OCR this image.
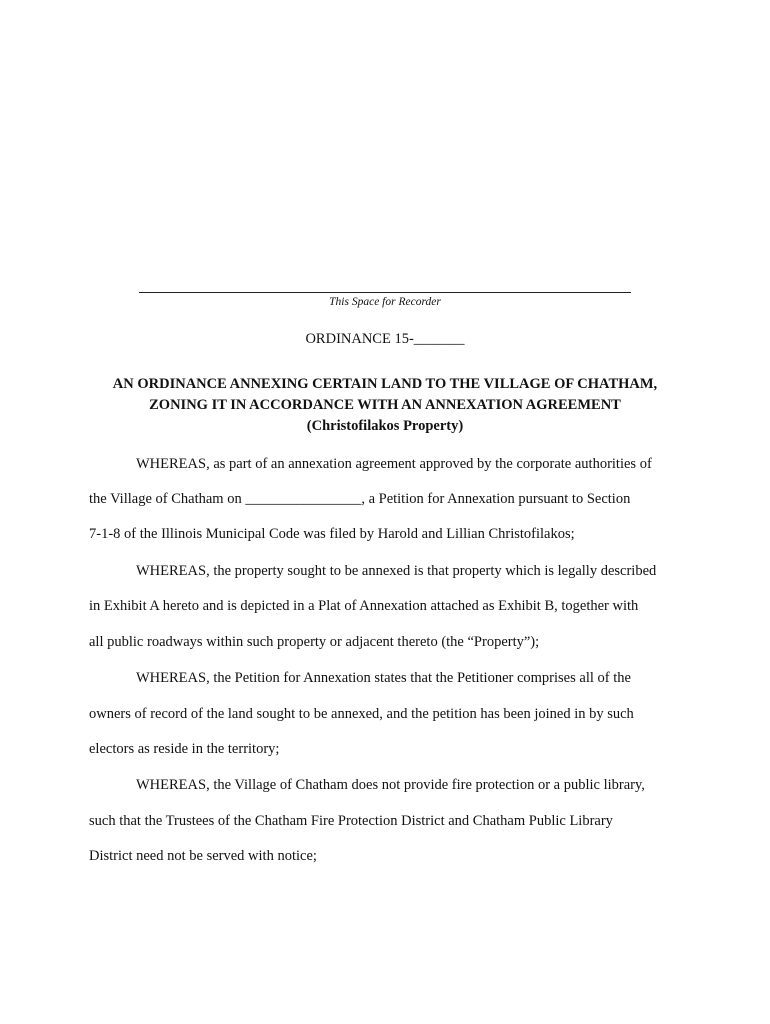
This Space for Recorder
ORDINANCE 15-_______
AN ORDINANCE ANNEXING CERTAIN LAND TO THE VILLAGE OF CHATHAM,
ZONING IT IN ACCORDANCE WITH AN ANNEXATION AGREEMENT
(Christofilakos Property)
WHEREAS, as part of an annexation agreement approved by the corporate authorities of
the Village of Chatham on ________________, a Petition for Annexation pursuant to Section
7-1-8 of the Illinois Municipal Code was filed by Harold and Lillian Christofilakos;
WHEREAS, the property sought to be annexed is that property which is legally described
in Exhibit A hereto and is depicted in a Plat of Annexation attached as Exhibit B, together with
all public roadways within such property or adjacent thereto (the “Property”);
WHEREAS, the Petition for Annexation states that the Petitioner comprises all of the
owners of record of the land sought to be annexed, and the petition has been joined in by such
electors as reside in the territory;
WHEREAS, the Village of Chatham does not provide fire protection or a public library,
such that the Trustees of the Chatham Fire Protection District and Chatham Public Library
District need not be served with notice;
